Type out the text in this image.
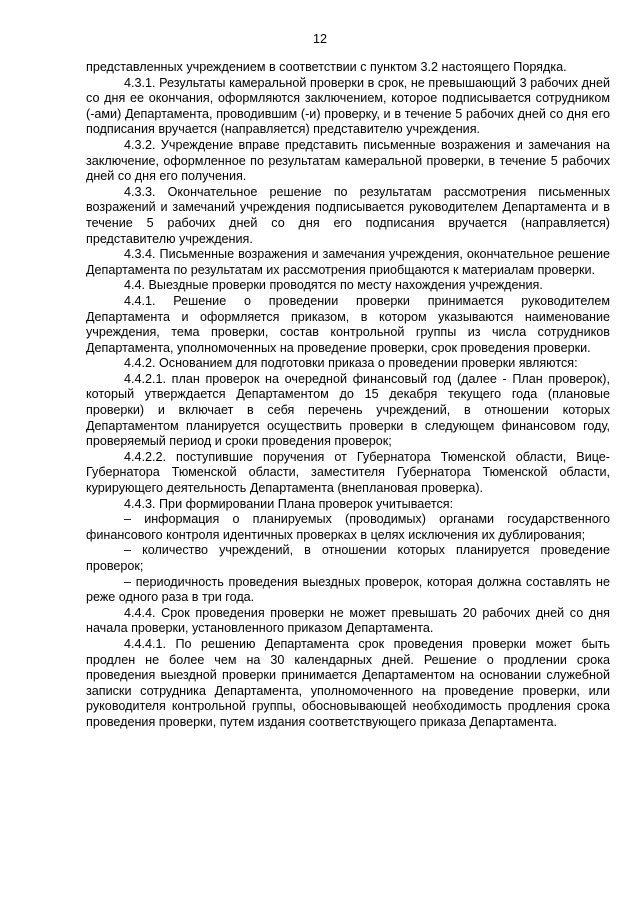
12

представленных учреждением в соответствии с пунктом 3.2 настоящего Порядка.

4.3.1. Результаты камеральной проверки в срок, не превышающий 3 рабочих дней со дня ее окончания, оформляются заключением, которое подписывается сотрудником (-ами) Департамента, проводившим (-и) проверку, и в течение 5 рабочих дней со дня его подписания вручается (направляется) представителю учреждения.

4.3.2. Учреждение вправе представить письменные возражения и замечания на заключение, оформленное по результатам камеральной проверки, в течение 5 рабочих дней со дня его получения.

4.3.3. Окончательное решение по результатам рассмотрения письменных возражений и замечаний учреждения подписывается руководителем Департамента и в течение 5 рабочих дней со дня его подписания вручается (направляется) представителю учреждения.

4.3.4. Письменные возражения и замечания учреждения, окончательное решение Департамента по результатам их рассмотрения приобщаются к материалам проверки.

4.4. Выездные проверки проводятся по месту нахождения учреждения.

4.4.1. Решение о проведении проверки принимается руководителем Департамента и оформляется приказом, в котором указываются наименование учреждения, тема проверки, состав контрольной группы из числа сотрудников Департамента, уполномоченных на проведение проверки, срок проведения проверки.

4.4.2. Основанием для подготовки приказа о проведении проверки являются:

4.4.2.1. план проверок на очередной финансовый год (далее - План проверок), который утверждается Департаментом до 15 декабря текущего года (плановые проверки) и включает в себя перечень учреждений, в отношении которых Департаментом планируется осуществить проверки в следующем финансовом году, проверяемый период и сроки проведения проверок;

4.4.2.2. поступившие поручения от Губернатора Тюменской области, Вице-Губернатора Тюменской области, заместителя Губернатора Тюменской области, курирующего деятельность Департамента (внеплановая проверка).

4.4.3. При формировании Плана проверок учитывается:

– информация о планируемых (проводимых) органами государственного финансового контроля идентичных проверках в целях исключения их дублирования;

– количество учреждений, в отношении которых планируется проведение проверок;

– периодичность проведения выездных проверок, которая должна составлять не реже одного раза в три года.

4.4.4. Срок проведения проверки не может превышать 20 рабочих дней со дня начала проверки, установленного приказом Департамента.

4.4.4.1. По решению Департамента срок проведения проверки может быть продлен не более чем на 30 календарных дней. Решение о продлении срока проведения выездной проверки принимается Департаментом на основании служебной записки сотрудника Департамента, уполномоченного на проведение проверки, или руководителя контрольной группы, обосновывающей необходимость продления срока проведения проверки, путем издания соответствующего приказа Департамента.
